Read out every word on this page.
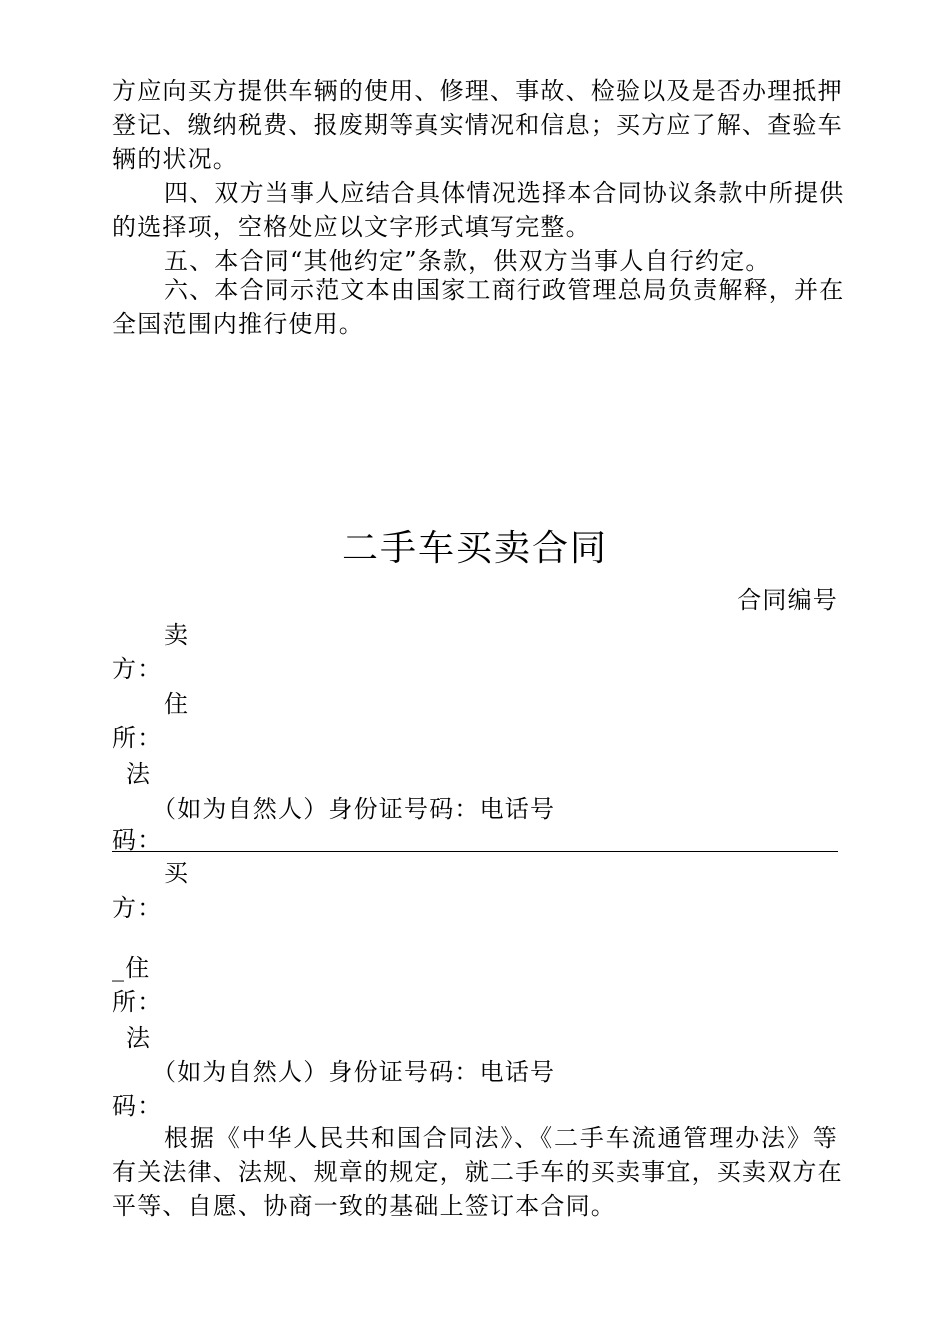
方应向买方提供车辆的使用、修理、事故、检验以及是否办理抵押
登记、缴纳税费、报废期等真实情况和信息；买方应了解、查验车
辆的状况。
四、双方当事人应结合具体情况选择本合同协议条款中所提供
的选择项，空格处应以文字形式填写完整。
五、本合同“其他约定”条款，供双方当事人自行约定。
六、本合同示范文本由国家工商行政管理总局负责解释，并在
全国范围内推行使用。
二手车买卖合同
合同编号
卖
方：
住
所：
法
（如为自然人）身份证号码：电话号
码：
买
方：
_住
所：
法
（如为自然人）身份证号码：电话号
码：
根据《中华人民共和国合同法》、《二手车流通管理办法》等
有关法律、法规、规章的规定，就二手车的买卖事宜，买卖双方在
平等、自愿、协商一致的基础上签订本合同。
